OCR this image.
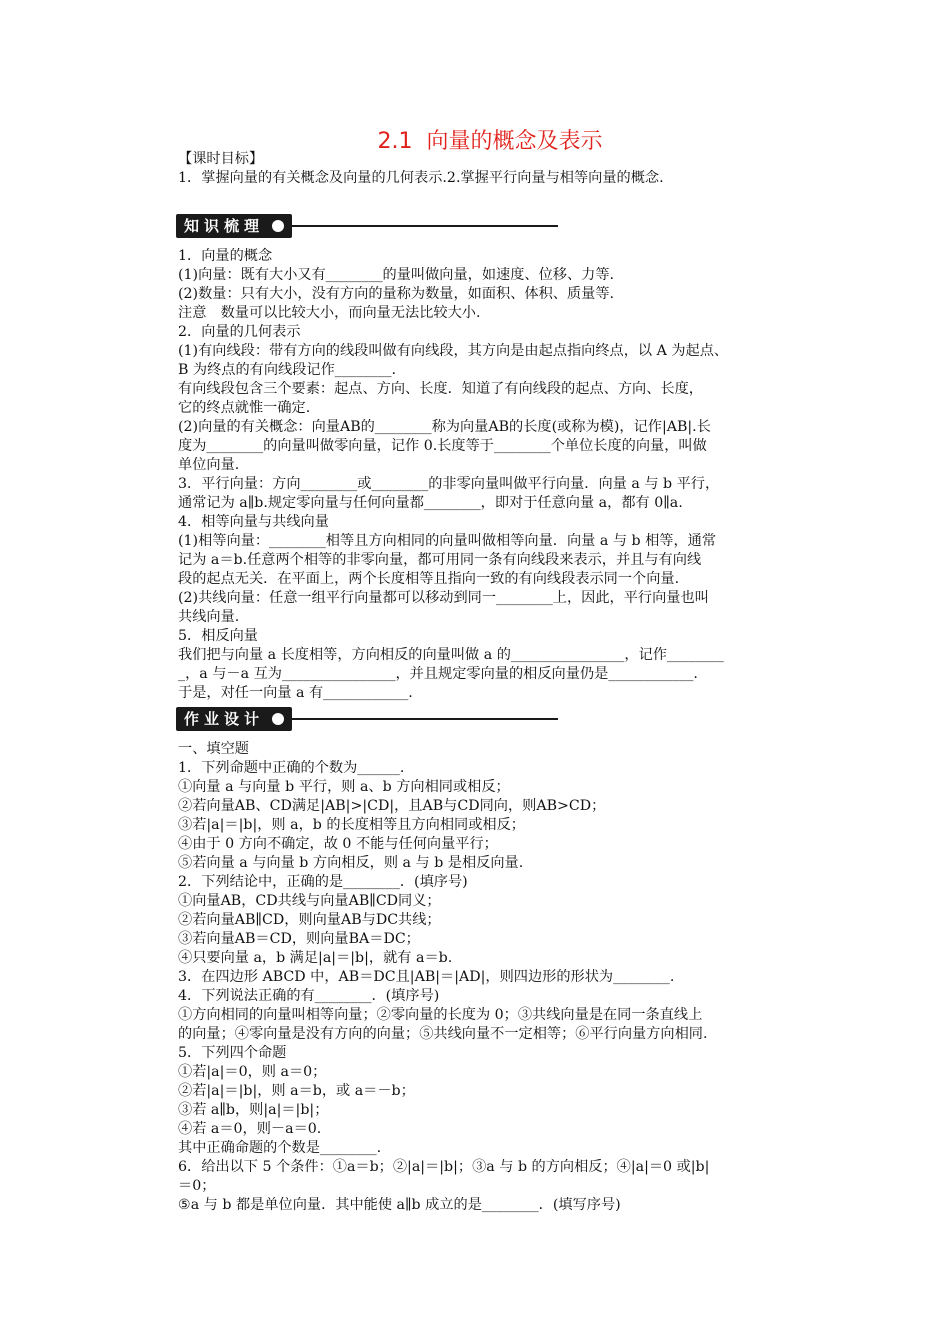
2.1 向量的概念及表示

【课时目标】

1．掌握向量的有关概念及向量的几何表示.2.掌握平行向量与相等向量的概念.

知识梳理

1．向量的概念

(1)向量：既有大小又有________的量叫做向量，如速度、位移、力等.

(2)数量：只有大小，没有方向的量称为数量，如面积、体积、质量等.

注意　数量可以比较大小，而向量无法比较大小.

2．向量的几何表示

(1)有向线段：带有方向的线段叫做有向线段，其方向是由起点指向终点，以 A 为起点、

B 为终点的有向线段记作________.

有向线段包含三个要素：起点、方向、长度．知道了有向线段的起点、方向、长度，

它的终点就惟一确定.

(2)向量的有关概念：向量AB的________称为向量AB的长度(或称为模)，记作|AB|.长

度为________的向量叫做零向量，记作 0.长度等于________个单位长度的向量，叫做

单位向量.

3．平行向量：方向________或________的非零向量叫做平行向量．向量 a 与 b 平行，

通常记为 a∥b.规定零向量与任何向量都________，即对于任意向量 a，都有 0∥a.

4．相等向量与共线向量

(1)相等向量：________相等且方向相同的向量叫做相等向量．向量 a 与 b 相等，通常

记为 a＝b.任意两个相等的非零向量，都可用同一条有向线段来表示，并且与有向线

段的起点无关．在平面上，两个长度相等且指向一致的有向线段表示同一个向量.

(2)共线向量：任意一组平行向量都可以移动到同一________上，因此，平行向量也叫

共线向量.

5．相反向量

我们把与向量 a 长度相等，方向相反的向量叫做 a 的________________，记作________

_，a 与－a 互为________________，并且规定零向量的相反向量仍是____________.

于是，对任一向量 a 有____________.

作业设计

一、填空题

1．下列命题中正确的个数为______.

①向量 a 与向量 b 平行，则 a、b 方向相同或相反；

②若向量AB、CD满足|AB|>|CD|，且AB与CD同向，则AB>CD；

③若|a|＝|b|，则 a，b 的长度相等且方向相同或相反；

④由于 0 方向不确定，故 0 不能与任何向量平行；

⑤若向量 a 与向量 b 方向相反，则 a 与 b 是相反向量.

2．下列结论中，正确的是________．(填序号)

①向量AB，CD共线与向量AB∥CD同义；

②若向量AB∥CD，则向量AB与DC共线；

③若向量AB＝CD，则向量BA＝DC；

④只要向量 a，b 满足|a|＝|b|，就有 a＝b.

3．在四边形 ABCD 中，AB＝DC且|AB|＝|AD|，则四边形的形状为________.

4．下列说法正确的有________．(填序号)

①方向相同的向量叫相等向量；②零向量的长度为 0；③共线向量是在同一条直线上

的向量；④零向量是没有方向的向量；⑤共线向量不一定相等；⑥平行向量方向相同.

5．下列四个命题

①若|a|＝0，则 a＝0；

②若|a|＝|b|，则 a＝b，或 a＝－b；

③若 a∥b，则|a|＝|b|；

④若 a＝0，则－a＝0.

其中正确命题的个数是________.

6．给出以下 5 个条件：①a＝b；②|a|＝|b|；③a 与 b 的方向相反；④|a|＝0 或|b|

＝0；

⑤a 与 b 都是单位向量．其中能使 a∥b 成立的是________．(填写序号)
